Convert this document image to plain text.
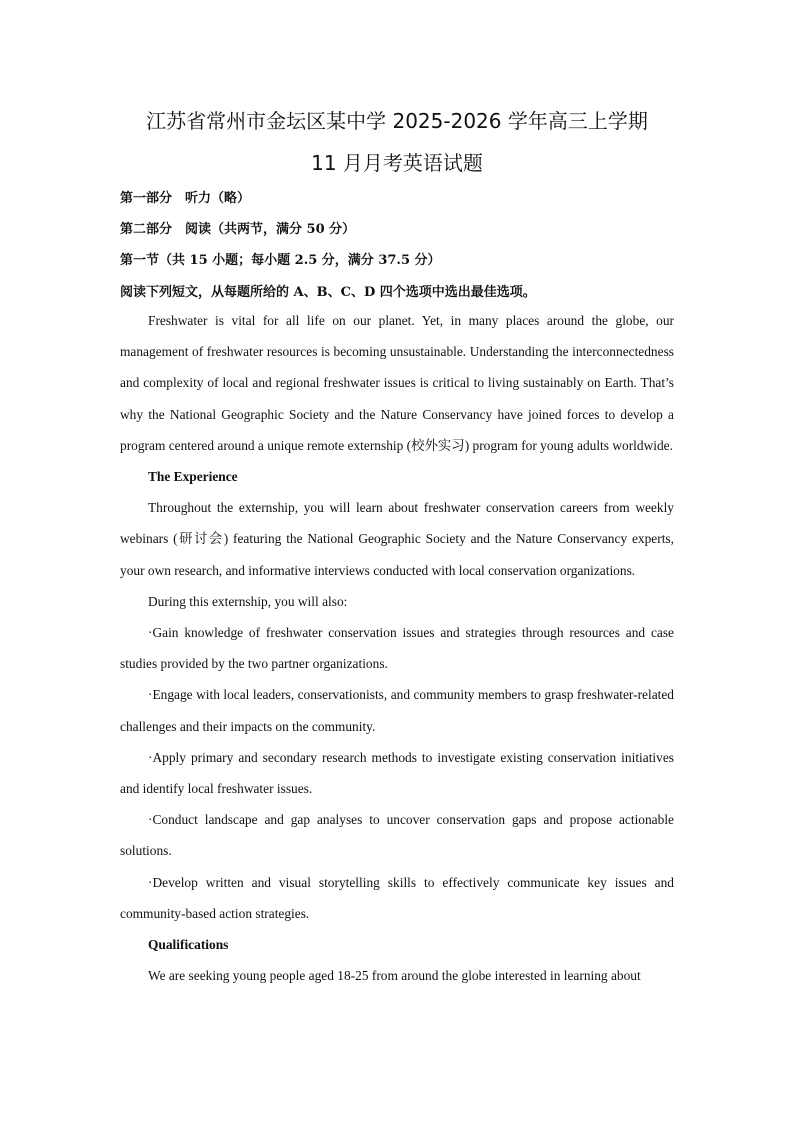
江苏省常州市金坛区某中学 2025-2026 学年高三上学期
11 月月考英语试题
第一部分　听力（略）
第二部分　阅读（共两节，满分 50 分）
第一节（共 15 小题；每小题 2.5 分，满分 37.5 分）
阅读下列短文，从每题所给的 A、B、C、D 四个选项中选出最佳选项。

Freshwater is vital for all life on our planet. Yet, in many places around the globe, our management of freshwater resources is becoming unsustainable. Understanding the interconnectedness and complexity of local and regional freshwater issues is critical to living sustainably on Earth. That’s why the National Geographic Society and the Nature Conservancy have joined forces to develop a program centered around a unique remote externship (校外实习) program for young adults worldwide.

The Experience

Throughout the externship, you will learn about freshwater conservation careers from weekly webinars (研讨会) featuring the National Geographic Society and the Nature Conservancy experts, your own research, and informative interviews conducted with local conservation organizations.

During this externship, you will also:

·Gain knowledge of freshwater conservation issues and strategies through resources and case studies provided by the two partner organizations.

·Engage with local leaders, conservationists, and community members to grasp freshwater-related challenges and their impacts on the community.

·Apply primary and secondary research methods to investigate existing conservation initiatives and identify local freshwater issues.

·Conduct landscape and gap analyses to uncover conservation gaps and propose actionable solutions.

·Develop written and visual storytelling skills to effectively communicate key issues and community-based action strategies.

Qualifications

We are seeking young people aged 18-25 from around the globe interested in learning about
